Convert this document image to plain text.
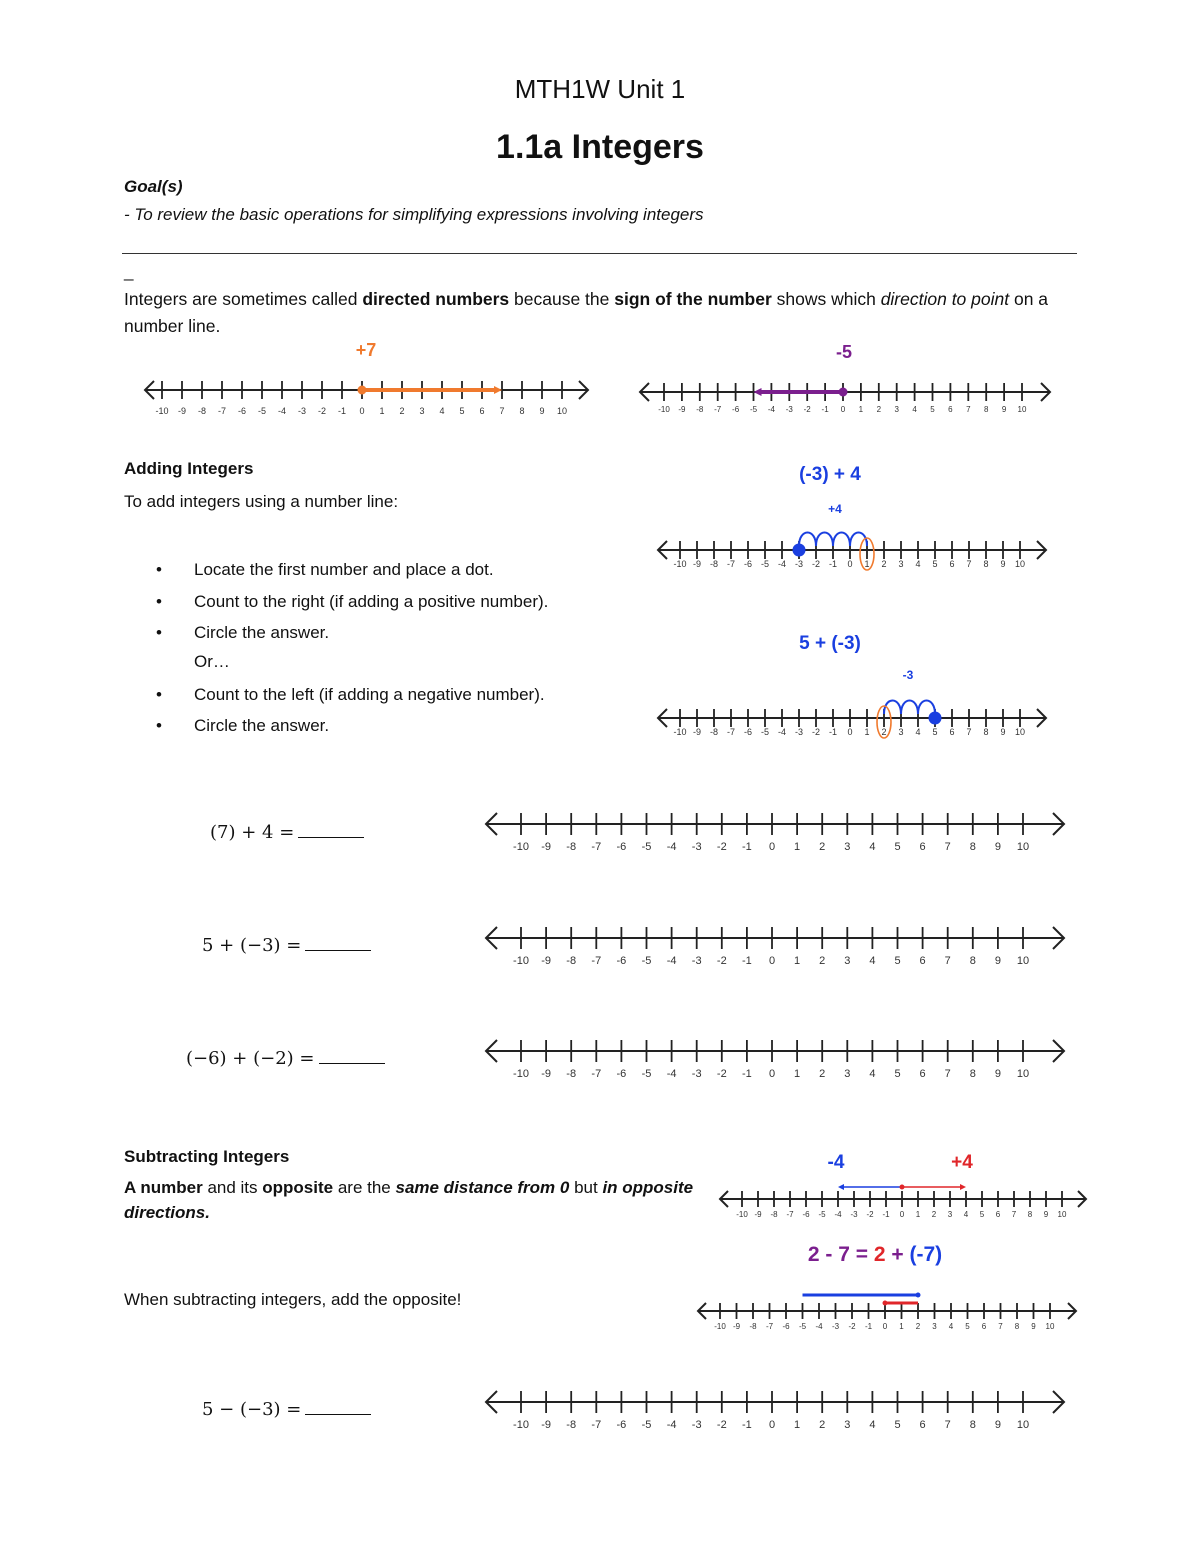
MTH1W Unit 1
1.1a Integers
Goal(s)
- To review the basic operations for simplifying expressions involving integers
_
Integers are sometimes called directed numbers because the sign of the number shows which direction to point on a number line.
+7	-5
Adding Integers
To add integers using a number line:
• Locate the first number and place a dot.
• Count to the right (if adding a positive number).
• Circle the answer.
Or…
• Count to the left (if adding a negative number).
• Circle the answer.
(-3) + 4
+4
5 + (-3)
-3
(7) + 4 =
5 + (−3) =
(−6) + (−2) =
Subtracting Integers
A number and its opposite are the same distance from 0 but in opposite directions.
When subtracting integers, add the opposite!
-4	+4
2 - 7 = 2 + (-7)
5 − (−3) =
-10 -9 -8 -7 -6 -5 -4 -3 -2 -1 0 1 2 3 4 5 6 7 8 9 10	-10 -9 -8 -7 -6 -5 -4 -3 -2 -1 0 1 2 3 4 5 6 7 8 9 10
-10 -9 -8 -7 -6 -5 -4 -3 -2 -1 0 1 2 3 4 5 6 7 8 9 10
-10 -9 -8 -7 -6 -5 -4 -3 -2 -1 0 1 2 3 4 5 6 7 8 9 10
-10 -9 -8 -7 -6 -5 -4 -3 -2 -1 0 1 2 3 4 5 6 7 8 9 10
-10 -9 -8 -7 -6 -5 -4 -3 -2 -1 0 1 2 3 4 5 6 7 8 9 10
-10 -9 -8 -7 -6 -5 -4 -3 -2 -1 0 1 2 3 4 5 6 7 8 9 10
-10 -9 -8 -7 -6 -5 -4 -3 -2 -1 0 1 2 3 4 5 6 7 8 9 10
-10 -9 -8 -7 -6 -5 -4 -3 -2 -1 0 1 2 3 4 5 6 7 8 9 10
-10 -9 -8 -7 -6 -5 -4 -3 -2 -1 0 1 2 3 4 5 6 7 8 9 10
